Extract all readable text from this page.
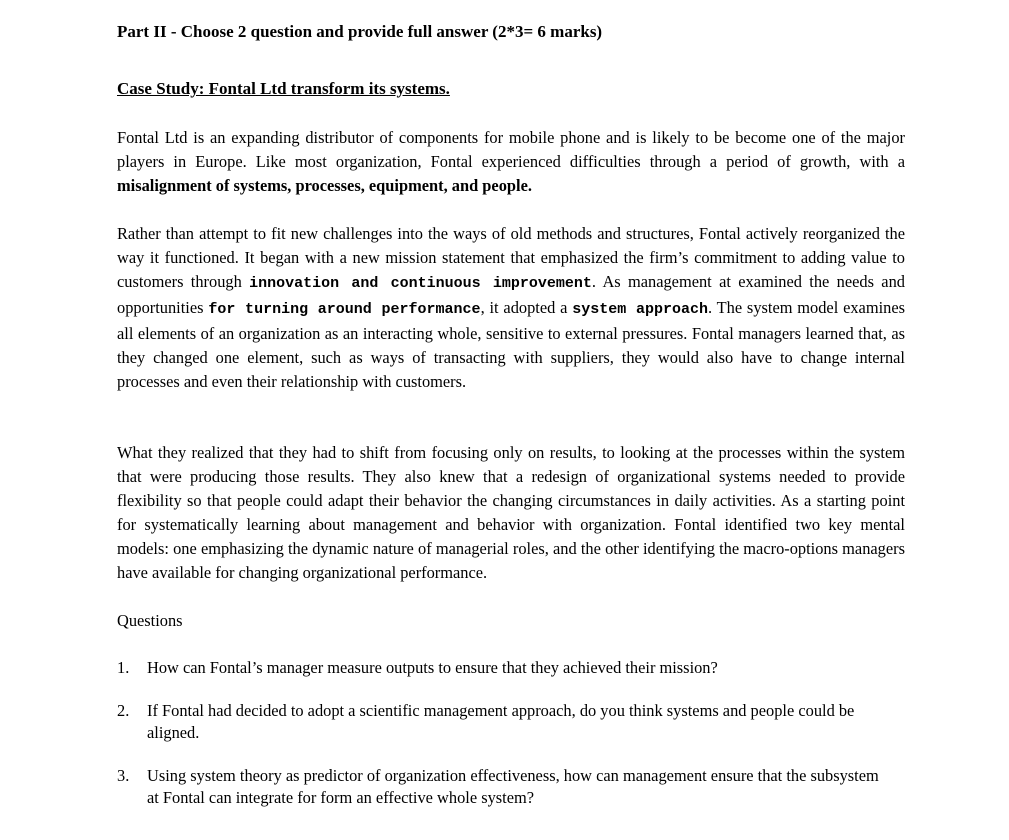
Part II - Choose 2 question and provide full answer (2*3= 6 marks)
Case Study: Fontal Ltd transform its systems.
Fontal Ltd is an expanding distributor of components for mobile phone and is likely to be become one of the major players in Europe. Like most organization, Fontal experienced difficulties through a period of growth, with a misalignment of systems, processes, equipment, and people.
Rather than attempt to fit new challenges into the ways of old methods and structures, Fontal actively reorganized the way it functioned. It began with a new mission statement that emphasized the firm’s commitment to adding value to customers through innovation and continuous improvement. As management at examined the needs and opportunities for turning around performance, it adopted a system approach. The system model examines all elements of an organization as an interacting whole, sensitive to external pressures. Fontal managers learned that, as they changed one element, such as ways of transacting with suppliers, they would also have to change internal processes and even their relationship with customers.
What they realized that they had to shift from focusing only on results, to looking at the processes within the system that were producing those results. They also knew that a redesign of organizational systems needed to provide flexibility so that people could adapt their behavior the changing circumstances in daily activities. As a starting point for systematically learning about management and behavior with organization. Fontal identified two key mental models: one emphasizing the dynamic nature of managerial roles, and the other identifying the macro-options managers have available for changing organizational performance.
Questions
1. How can Fontal’s manager measure outputs to ensure that they achieved their mission?
2. If Fontal had decided to adopt a scientific management approach, do you think systems and people could be aligned.
3. Using system theory as predictor of organization effectiveness, how can management ensure that the subsystem at Fontal can integrate for form an effective whole system?
